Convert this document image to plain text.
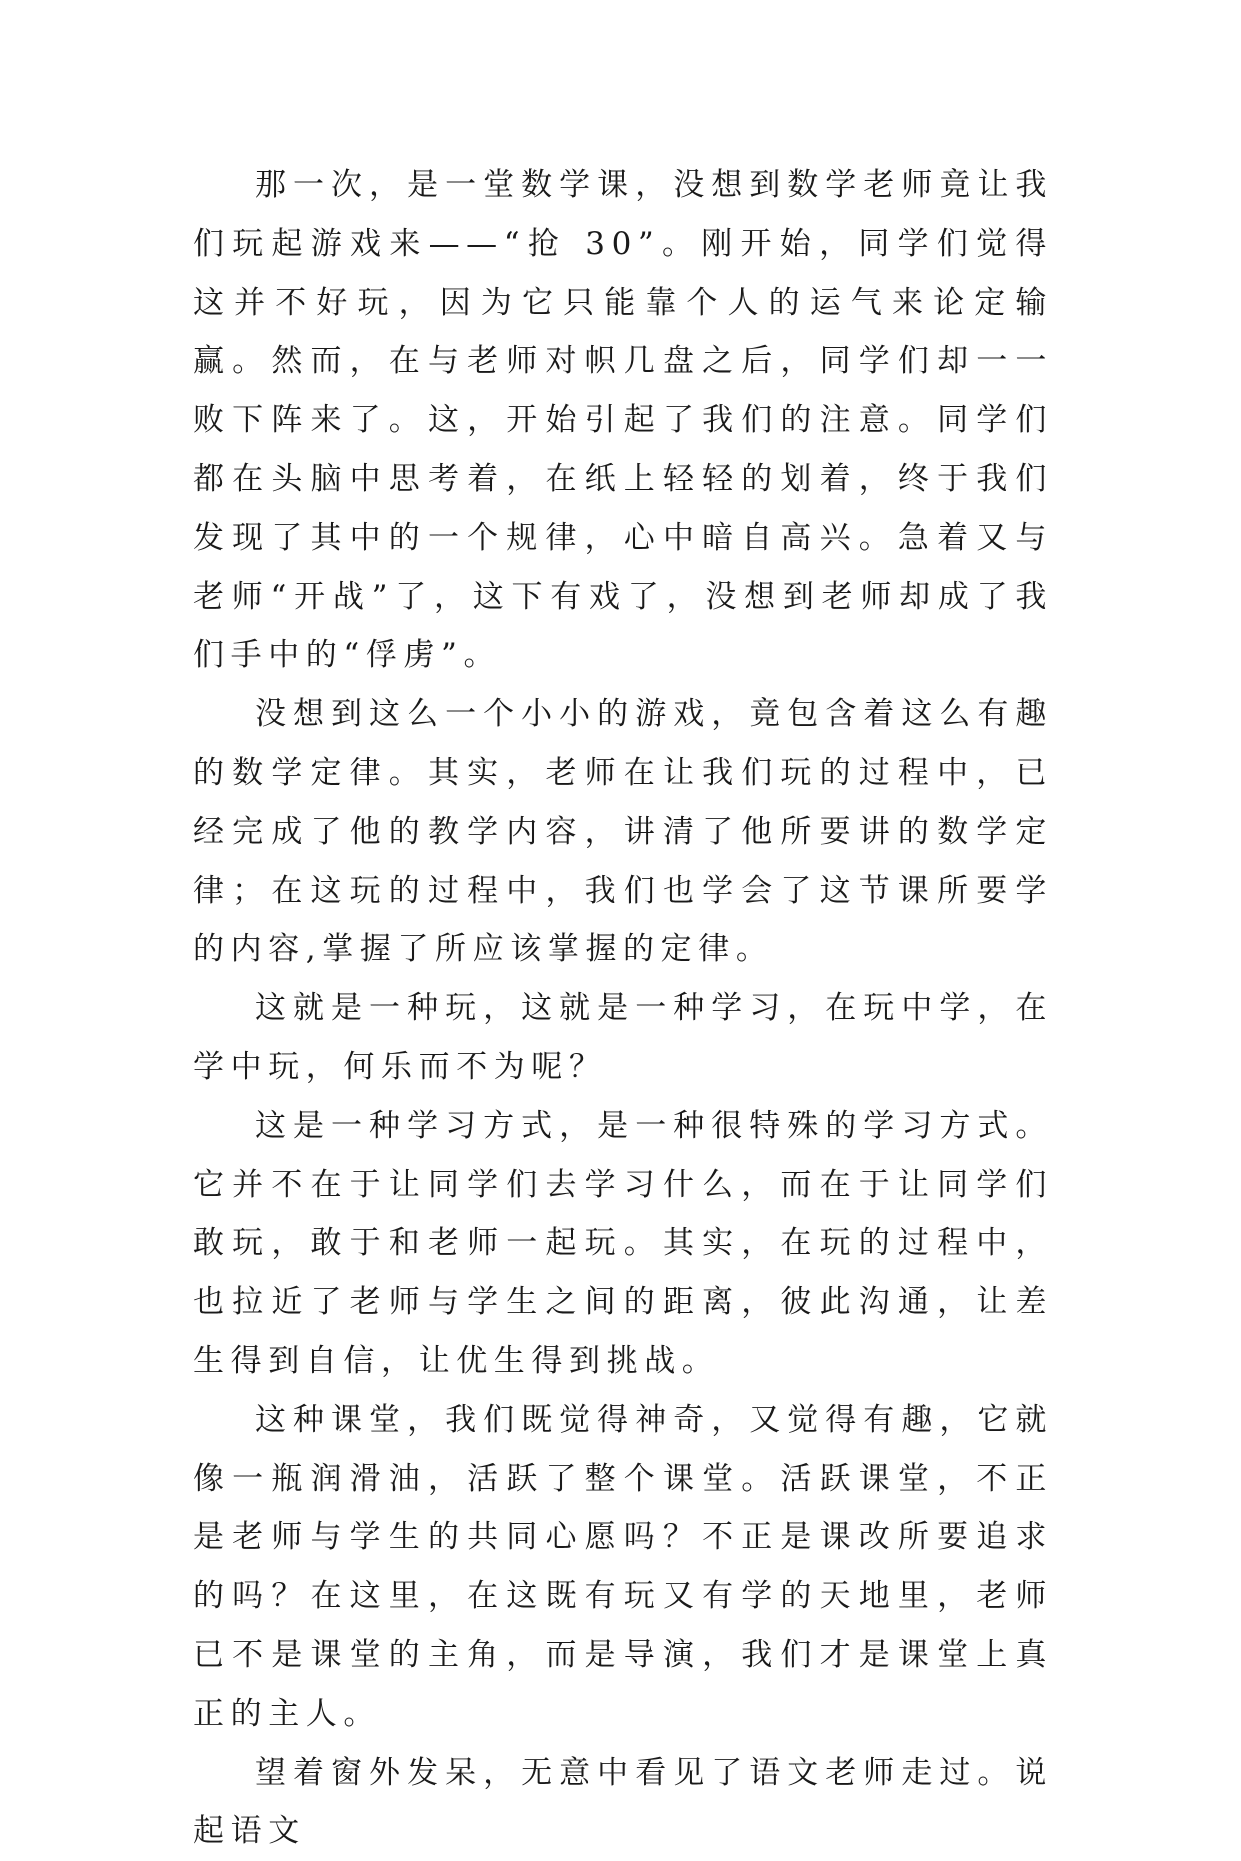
那一次，是一堂数学课，没想到数学老师竟让我们玩起游戏来——“抢 30”。刚开始，同学们觉得这并不好玩，因为它只能靠个人的运气来论定输赢。然而，在与老师对帜几盘之后，同学们却一一败下阵来了。这，开始引起了我们的注意。同学们都在头脑中思考着，在纸上轻轻的划着，终于我们发现了其中的一个规律，心中暗自高兴。急着又与老师“开战”了，这下有戏了，没想到老师却成了我们手中的“俘虏”。

没想到这么一个小小的游戏，竟包含着这么有趣的数学定律。其实，老师在让我们玩的过程中，已经完成了他的教学内容，讲清了他所要讲的数学定律；在这玩的过程中，我们也学会了这节课所要学的内容,掌握了所应该掌握的定律。

这就是一种玩，这就是一种学习，在玩中学，在学中玩，何乐而不为呢？

这是一种学习方式，是一种很特殊的学习方式。它并不在于让同学们去学习什么，而在于让同学们敢玩，敢于和老师一起玩。其实，在玩的过程中，也拉近了老师与学生之间的距离，彼此沟通，让差生得到自信，让优生得到挑战。

这种课堂，我们既觉得神奇，又觉得有趣，它就像一瓶润滑油，活跃了整个课堂。活跃课堂，不正是老师与学生的共同心愿吗？不正是课改所要追求的吗？在这里，在这既有玩又有学的天地里，老师已不是课堂的主角，而是导演，我们才是课堂上真正的主人。

望着窗外发呆，无意中看见了语文老师走过。说起语文
